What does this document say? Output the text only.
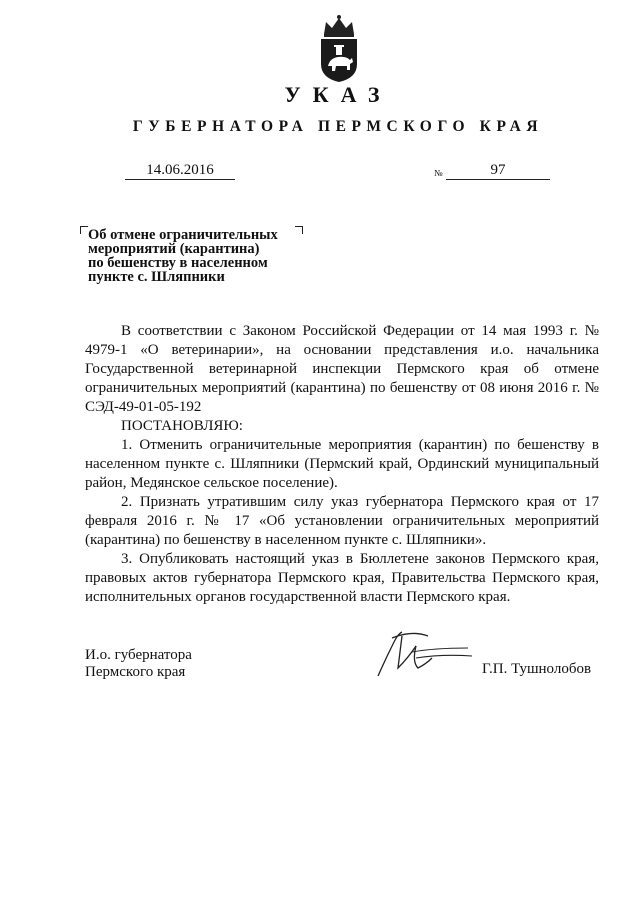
УКАЗ
ГУБЕРНАТОРА ПЕРМСКОГО КРАЯ
14.06.2016	№	97
Об отмене ограничительных
мероприятий (карантина)
по бешенству в населенном
пункте с. Шляпники

В соответствии с Законом Российской Федерации от 14 мая 1993 г. № 4979-1 «О ветеринарии», на основании представления и.о. начальника Государственной ветеринарной инспекции Пермского края об отмене ограничительных мероприятий (карантина) по бешенству от 08 июня 2016 г. № СЭД-49-01-05-192

ПОСТАНОВЛЯЮ:

1. Отменить ограничительные мероприятия (карантин) по бешенству в населенном пункте с. Шляпники (Пермский край, Ординский муниципальный район, Медянское сельское поселение).

2. Признать утратившим силу указ губернатора Пермского края от 17 февраля 2016 г. № 17 «Об установлении ограничительных мероприятий (карантина) по бешенству в населенном пункте с. Шляпники».

3. Опубликовать настоящий указ в Бюллетене законов Пермского края, правовых актов губернатора Пермского края, Правительства Пермского края, исполнительных органов государственной власти Пермского края.

И.о. губернатора
Пермского края	Г.П. Тушнолобов
